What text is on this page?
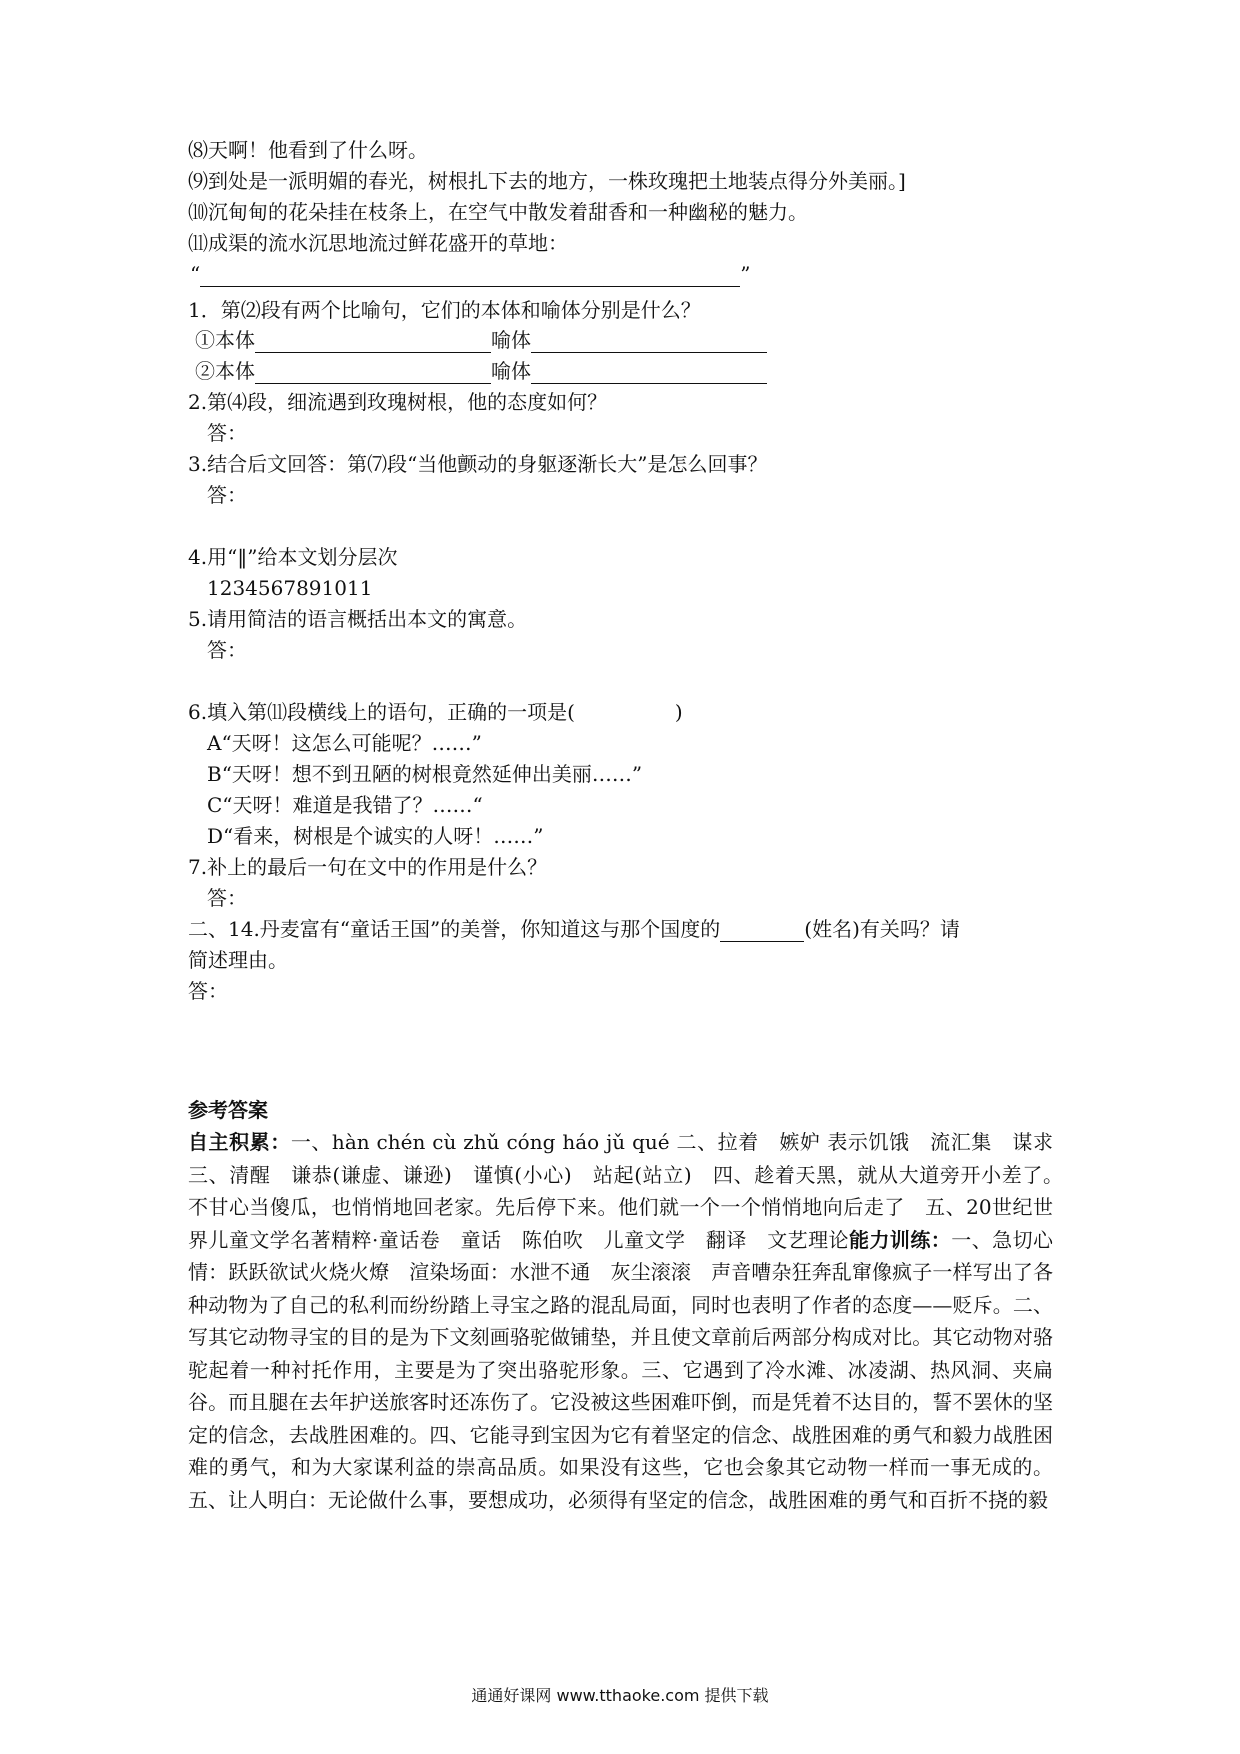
⑻天啊！他看到了什么呀。
⑼到处是一派明媚的春光，树根扎下去的地方，一株玫瑰把土地装点得分外美丽。]
⑽沉甸甸的花朵挂在枝条上，在空气中散发着甜香和一种幽秘的魅力。
⑾成渠的流水沉思地流过鲜花盛开的草地：
“	”
1．第⑵段有两个比喻句，它们的本体和喻体分别是什么？
①本体	喻体
②本体	喻体
2.第⑷段，细流遇到玫瑰树根，他的态度如何？
答：
3.结合后文回答：第⑺段“当他颤动的身躯逐渐长大”是怎么回事？
答：
4.用“‖”给本文划分层次
1234567891011
5.请用简洁的语言概括出本文的寓意。
答：
6.填入第⑾段横线上的语句，正确的一项是(　　　　　)
A“天呀！这怎么可能呢？……”
B“天呀！想不到丑陋的树根竟然延伸出美丽……”
C“天呀！难道是我错了？……“
D“看来，树根是个诚实的人呀！……”
7.补上的最后一句在文中的作用是什么？
答：
二、14.丹麦富有“童话王国”的美誉，你知道这与那个国度的	(姓名)有关吗？请
简述理由。
答：
参考答案
自主积累：一、hàn chén cù zhǔ cóng háo jǔ qué 二、拉着　嫉妒 表示饥饿　流汇集　谋求　三、清醒　谦恭(谦虚、谦逊)　谨慎(小心)　站起(站立)　四、趁着天黑，就从大道旁开小差了。　不甘心当傻瓜，也悄悄地回老家。先后停下来。他们就一个一个悄悄地向后走了　五、20世纪世界儿童文学名著精粹·童话卷　童话　陈伯吹　儿童文学　翻译　文艺理论能力训练：一、急切心情：跃跃欲试火烧火燎　渲染场面：水泄不通　灰尘滚滚　声音嘈杂狂奔乱窜像疯子一样写出了各种动物为了自己的私利而纷纷踏上寻宝之路的混乱局面，同时也表明了作者的态度——贬斥。二、写其它动物寻宝的目的是为下文刻画骆驼做铺垫，并且使文章前后两部分构成对比。其它动物对骆驼起着一种衬托作用，主要是为了突出骆驼形象。三、它遇到了冷水滩、冰凌湖、热风洞、夹扁谷。而且腿在去年护送旅客时还冻伤了。它没被这些困难吓倒，而是凭着不达目的，誓不罢休的坚定的信念，去战胜困难的。四、它能寻到宝因为它有着坚定的信念、战胜困难的勇气和毅力战胜困难的勇气，和为大家谋利益的崇高品质。如果没有这些，它也会象其它动物一样而一事无成的。五、让人明白：无论做什么事，要想成功，必须得有坚定的信念，战胜困难的勇气和百折不挠的毅
通通好课网 www.tthaoke.com 提供下载
